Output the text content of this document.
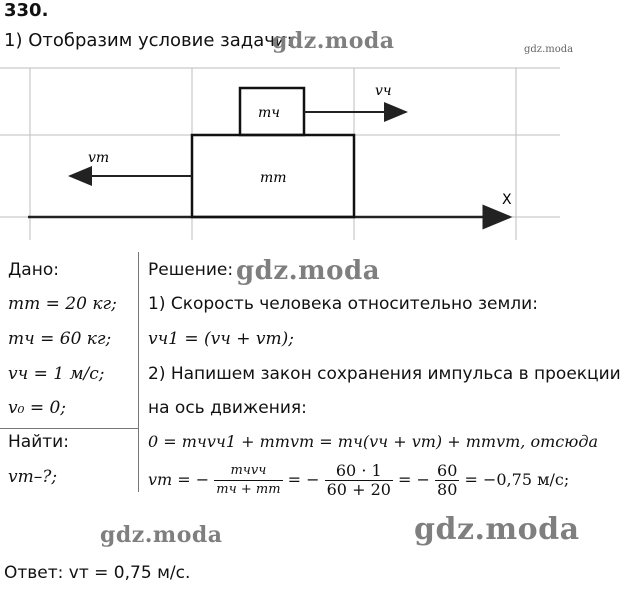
330.
1) Отобразим условие задачи:
gdz.moda	gdz.moda
mч
mт
vч
vт
X
Дано:
mт = 20 кг;
mч = 60 кг;
vч = 1 м/с;
v₀ = 0;
Найти:
vт–?;
Решение: gdz.moda
1) Скорость человека относительно земли:
vч1 = (vч + vт);
2) Напишем закон сохранения импульса в проекции
на ось движения:
0 = mчvч1 + mтvт = mч(vч + vт) + mтvт, отсюда
vт = − $\frac{\text{mчvч}}{mч + mт}$ = − $\frac{60 \cdot 1}{60 + 20}$ = − $\frac{60}{80} = -0,75$ м/с;
gdz.moda	gdz.moda
Ответ: vт = 0,75 м/с.
